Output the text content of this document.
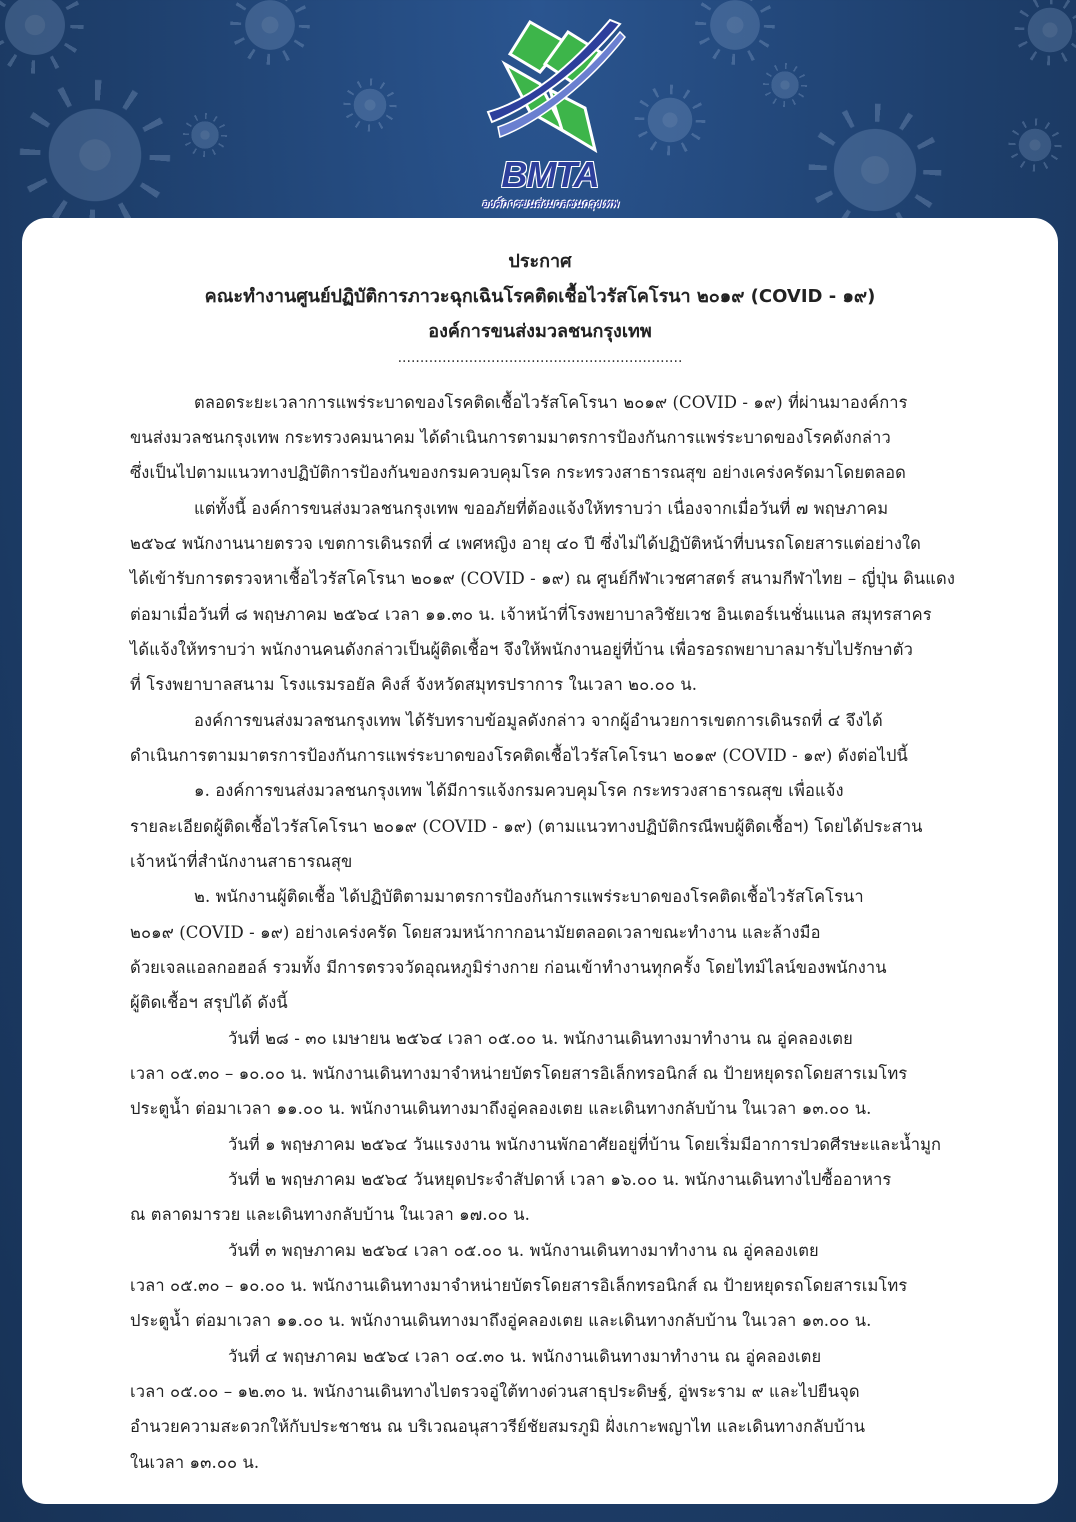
BMTA
องค์การขนส่งมวลชนกรุงเทพ
ประกาศ
คณะทำงานศูนย์ปฏิบัติการภาวะฉุกเฉินโรคติดเชื้อไวรัสโคโรนา ๒๐๑๙ (COVID - ๑๙)
องค์การขนส่งมวลชนกรุงเทพ
................................................................
ตลอดระยะเวลาการแพร่ระบาดของโรคติดเชื้อไวรัสโคโรนา ๒๐๑๙ (COVID - ๑๙) ที่ผ่านมาองค์การ
ขนส่งมวลชนกรุงเทพ กระทรวงคมนาคม ได้ดำเนินการตามมาตรการป้องกันการแพร่ระบาดของโรคดังกล่าว
ซึ่งเป็นไปตามแนวทางปฏิบัติการป้องกันของกรมควบคุมโรค กระทรวงสาธารณสุข อย่างเคร่งครัดมาโดยตลอด
แต่ทั้งนี้ องค์การขนส่งมวลชนกรุงเทพ ขออภัยที่ต้องแจ้งให้ทราบว่า เนื่องจากเมื่อวันที่ ๗ พฤษภาคม
๒๕๖๔ พนักงานนายตรวจ เขตการเดินรถที่ ๔ เพศหญิง อายุ ๔๐ ปี ซึ่งไม่ได้ปฏิบัติหน้าที่บนรถโดยสารแต่อย่างใด
ได้เข้ารับการตรวจหาเชื้อไวรัสโคโรนา ๒๐๑๙ (COVID - ๑๙) ณ ศูนย์กีฬาเวชศาสตร์ สนามกีฬาไทย – ญี่ปุ่น ดินแดง
ต่อมาเมื่อวันที่ ๘ พฤษภาคม ๒๕๖๔ เวลา ๑๑.๓๐ น. เจ้าหน้าที่โรงพยาบาลวิชัยเวช อินเตอร์เนชั่นแนล สมุทรสาคร
ได้แจ้งให้ทราบว่า พนักงานคนดังกล่าวเป็นผู้ติดเชื้อฯ จึงให้พนักงานอยู่ที่บ้าน เพื่อรอรถพยาบาลมารับไปรักษาตัว
ที่ โรงพยาบาลสนาม โรงแรมรอยัล คิงส์ จังหวัดสมุทรปราการ ในเวลา ๒๐.๐๐ น.
องค์การขนส่งมวลชนกรุงเทพ ได้รับทราบข้อมูลดังกล่าว จากผู้อำนวยการเขตการเดินรถที่ ๔ จึงได้
ดำเนินการตามมาตรการป้องกันการแพร่ระบาดของโรคติดเชื้อไวรัสโคโรนา ๒๐๑๙ (COVID - ๑๙) ดังต่อไปนี้
๑. องค์การขนส่งมวลชนกรุงเทพ ได้มีการแจ้งกรมควบคุมโรค กระทรวงสาธารณสุข เพื่อแจ้ง
รายละเอียดผู้ติดเชื้อไวรัสโคโรนา ๒๐๑๙ (COVID - ๑๙) (ตามแนวทางปฏิบัติกรณีพบผู้ติดเชื้อฯ) โดยได้ประสาน
เจ้าหน้าที่สำนักงานสาธารณสุข
๒. พนักงานผู้ติดเชื้อ ได้ปฏิบัติตามมาตรการป้องกันการแพร่ระบาดของโรคติดเชื้อไวรัสโคโรนา
๒๐๑๙ (COVID - ๑๙) อย่างเคร่งครัด โดยสวมหน้ากากอนามัยตลอดเวลาขณะทำงาน และล้างมือ
ด้วยเจลแอลกอฮอล์ รวมทั้ง มีการตรวจวัดอุณหภูมิร่างกาย ก่อนเข้าทำงานทุกครั้ง โดยไทม์ไลน์ของพนักงาน
ผู้ติดเชื้อฯ สรุปได้ ดังนี้
วันที่ ๒๘ - ๓๐ เมษายน ๒๕๖๔ เวลา ๐๕.๐๐ น. พนักงานเดินทางมาทำงาน ณ อู่คลองเตย
เวลา ๐๕.๓๐ – ๑๐.๐๐ น. พนักงานเดินทางมาจำหน่ายบัตรโดยสารอิเล็กทรอนิกส์ ณ ป้ายหยุดรถโดยสารเมโทร
ประตูน้ำ ต่อมาเวลา ๑๑.๐๐ น. พนักงานเดินทางมาถึงอู่คลองเตย และเดินทางกลับบ้าน ในเวลา ๑๓.๐๐ น.
วันที่ ๑ พฤษภาคม ๒๕๖๔ วันแรงงาน พนักงานพักอาศัยอยู่ที่บ้าน โดยเริ่มมีอาการปวดศีรษะและน้ำมูก
วันที่ ๒ พฤษภาคม ๒๕๖๔ วันหยุดประจำสัปดาห์ เวลา ๑๖.๐๐ น. พนักงานเดินทางไปซื้ออาหาร
ณ ตลาดมารวย และเดินทางกลับบ้าน ในเวลา ๑๗.๐๐ น.
วันที่ ๓ พฤษภาคม ๒๕๖๔ เวลา ๐๕.๐๐ น. พนักงานเดินทางมาทำงาน ณ อู่คลองเตย
เวลา ๐๕.๓๐ – ๑๐.๐๐ น. พนักงานเดินทางมาจำหน่ายบัตรโดยสารอิเล็กทรอนิกส์ ณ ป้ายหยุดรถโดยสารเมโทร
ประตูน้ำ ต่อมาเวลา ๑๑.๐๐ น. พนักงานเดินทางมาถึงอู่คลองเตย และเดินทางกลับบ้าน ในเวลา ๑๓.๐๐ น.
วันที่ ๔ พฤษภาคม ๒๕๖๔ เวลา ๐๔.๓๐ น. พนักงานเดินทางมาทำงาน ณ อู่คลองเตย
เวลา ๐๕.๐๐ – ๑๒.๓๐ น. พนักงานเดินทางไปตรวจอู่ใต้ทางด่วนสาธุประดิษฐ์, อู่พระราม ๙ และไปยืนจุด
อำนวยความสะดวกให้กับประชาชน ณ บริเวณอนุสาวรีย์ชัยสมรภูมิ ฝั่งเกาะพญาไท และเดินทางกลับบ้าน
ในเวลา ๑๓.๐๐ น.
